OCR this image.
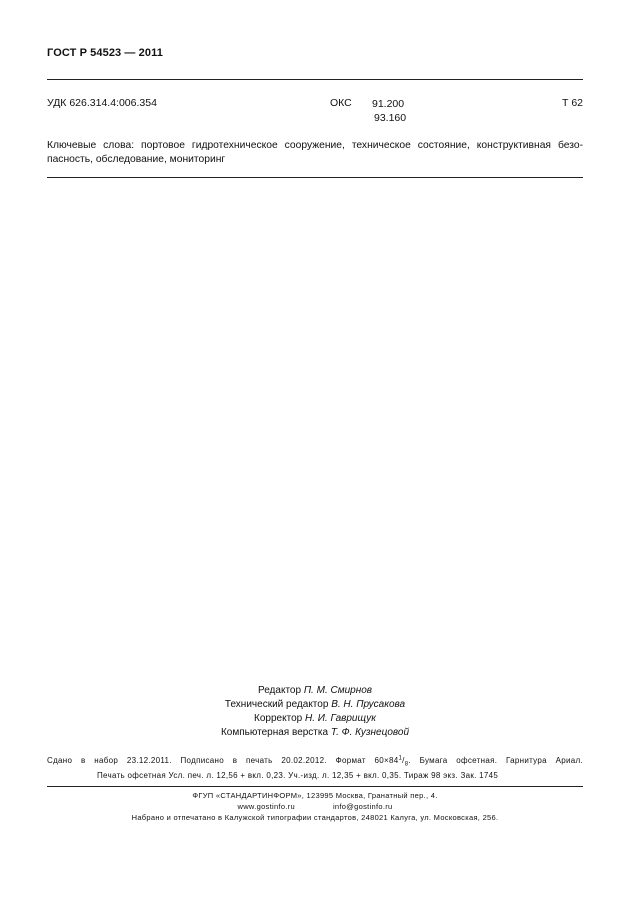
ГОСТ Р 54523 — 2011
УДК 626.314.4:006.354	ОКС 91.200
93.160
Т 62
Ключевые слова: портовое гидротехническое сооружение, техническое состояние, конструктивная безо-
пасность, обследование, мониторинг
Редактор П. М. Смирнов
Технический редактор В. Н. Прусакова
Корректор Н. И. Гаврищук
Компьютерная верстка Т. Ф. Кузнецовой
Сдано в набор 23.12.2011. Подписано в печать 20.02.2012. Формат $60\times 84^1/_8$. Бумага офсетная. Гарнитура Ариал.
Печать офсетная Усл. печ. л. 12,56 + вкл. 0,23. Уч.-изд. л. 12,35 + вкл. 0,35. Тираж 98 экз. Зак. 1745
ФГУП «СТАНДАРТИНФОРМ», 123995 Москва, Гранатный пер., 4.
www.gostinfo.ru	info@gostinfo.ru
Набрано и отпечатано в Калужской типографии стандартов, 248021 Калуга, ул. Московская, 256.
